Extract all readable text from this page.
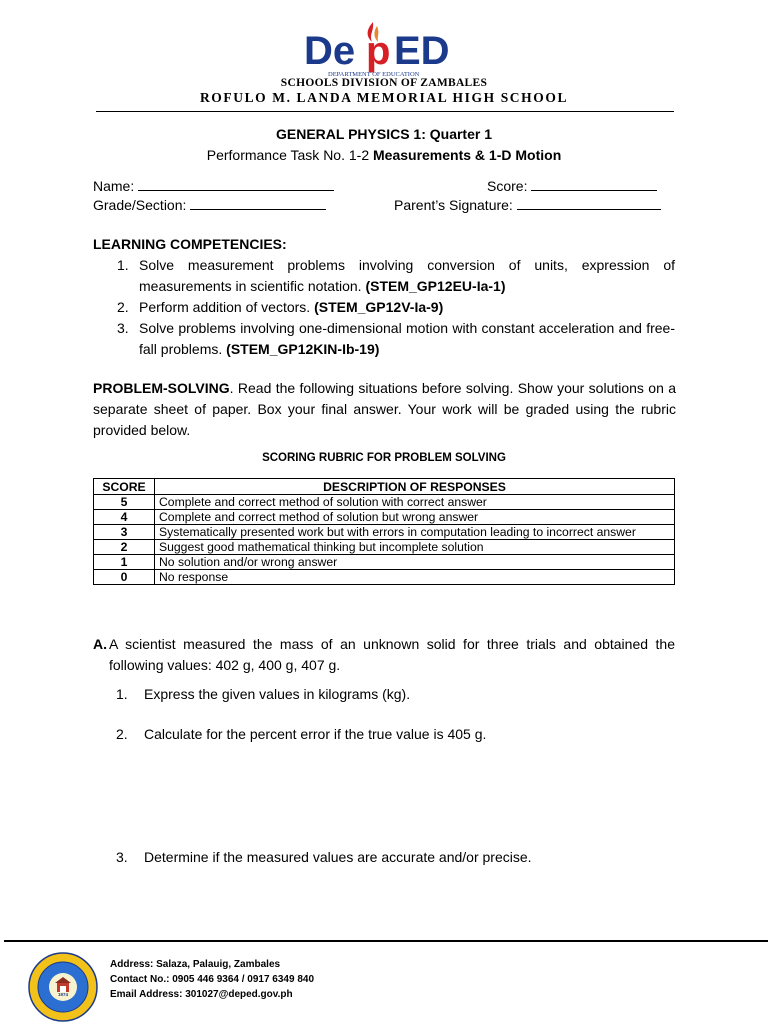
De p ED
DEPARTMENT OF EDUCATION
SCHOOLS DIVISION OF ZAMBALES
ROFULO M. LANDA MEMORIAL HIGH SCHOOL
GENERAL PHYSICS 1: Quarter 1
Performance Task No. 1-2 Measurements & 1-D Motion
Name:	Score:
Grade/Section:	Parent’s Signature:
LEARNING COMPETENCIES:
1. Solve measurement problems involving conversion of units, expression of measurements in scientific notation. (STEM_GP12EU-Ia-1)
2. Perform addition of vectors. (STEM_GP12V-Ia-9)
3. Solve problems involving one-dimensional motion with constant acceleration and free-fall problems. (STEM_GP12KIN-Ib-19)

PROBLEM-SOLVING. Read the following situations before solving. Show your solutions on a separate sheet of paper. Box your final answer. Your work will be graded using the rubric provided below.

SCORING RUBRIC FOR PROBLEM SOLVING
SCORE	DESCRIPTION OF RESPONSES
5	Complete and correct method of solution with correct answer
4	Complete and correct method of solution but wrong answer
3	Systematically presented work but with errors in computation leading to incorrect answer
2	Suggest good mathematical thinking but incomplete solution
1	No solution and/or wrong answer
0	No response
A. A scientist measured the mass of an unknown solid for three trials and obtained the following values: 402 g, 400 g, 407 g.
1. Express the given values in kilograms (kg).
2. Calculate for the percent error if the true value is 405 g.
3. Determine if the measured values are accurate and/or precise.
1974
Address: Salaza, Palauig, Zambales
Contact No.: 0905 446 9364 / 0917 6349 840
Email Address: 301027@deped.gov.ph
